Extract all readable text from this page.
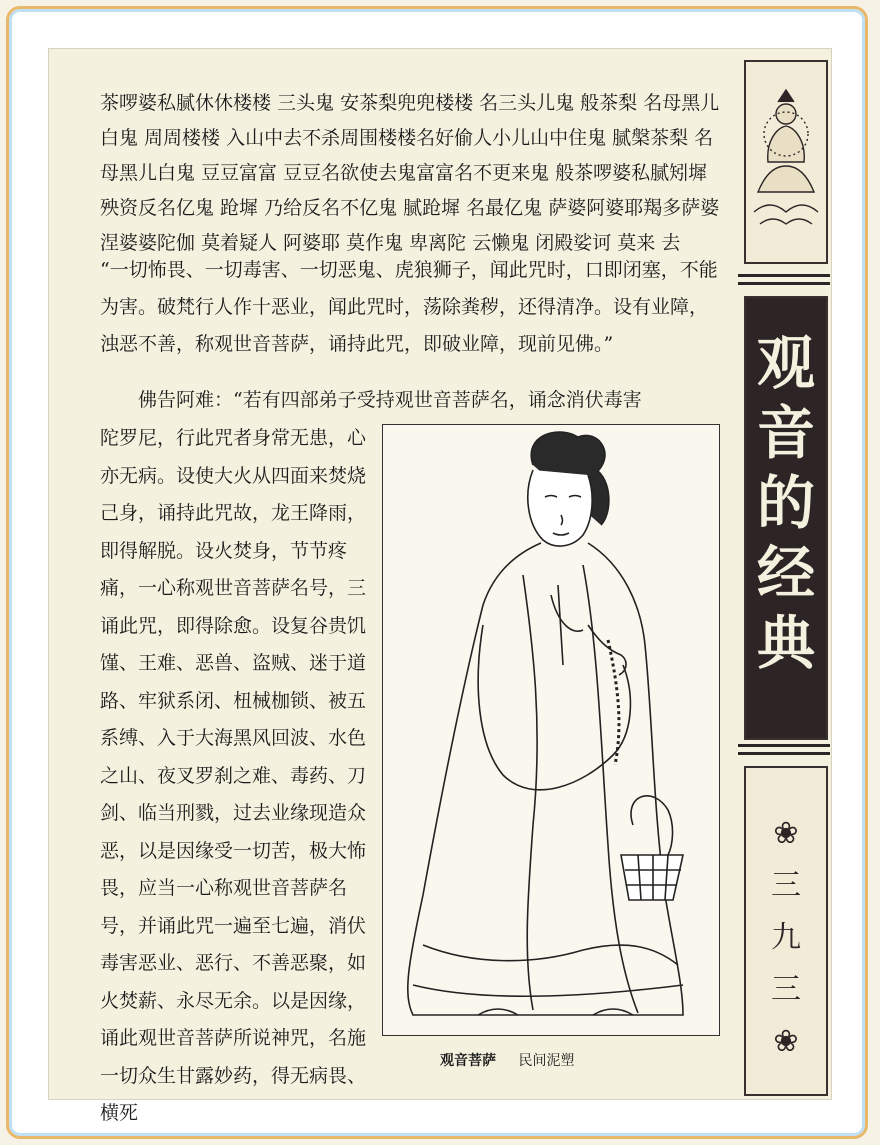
茶啰婆私腻休休楼楼 三头鬼 安茶梨兜兜楼楼 名三头儿鬼 般茶梨 名母黑儿白鬼 周周楼楼 入山中去不杀周围楼楼名好偷人小儿山中住鬼 腻槃茶梨 名母黑儿白鬼 豆豆富富 豆豆名欲使去鬼富富名不更来鬼 般茶啰婆私腻矧墀 殃资反名亿鬼 跄墀 乃给反名不亿鬼 腻跄墀 名最亿鬼 萨婆阿婆耶羯多萨婆涅婆婆陀伽 莫着疑人 阿婆耶 莫作鬼 卑离陀 云懒鬼 闭殿娑诃 莫来 去
“一切怖畏、一切毒害、一切恶鬼、虎狼狮子，闻此咒时，口即闭塞，不能为害。破梵行人作十恶业，闻此咒时，荡除粪秽，还得清净。设有业障，浊恶不善，称观世音菩萨，诵持此咒，即破业障，现前见佛。”
佛告阿难：“若有四部弟子受持观世音菩萨名，诵念消伏毒害
陀罗尼，行此咒者身常无患，心亦无病。设使大火从四面来焚烧己身，诵持此咒故，龙王降雨，即得解脱。设火焚身，节节疼痛，一心称观世音菩萨名号，三诵此咒，即得除愈。设复谷贵饥馑、王难、恶兽、盗贼、迷于道路、牢狱系闭、杻械枷锁、被五系缚、入于大海黑风回波、水色之山、夜叉罗刹之难、毒药、刀剑、临当刑戮，过去业缘现造众恶，以是因缘受一切苦，极大怖畏，应当一心称观世音菩萨名号，并诵此咒一遍至七遍，消伏毒害恶业、恶行、不善恶聚，如火焚薪、永尽无余。以是因缘，诵此观世音菩萨所说神咒，名施一切众生甘露妙药，得无病畏、横死
观音菩萨 民间泥塑
观
音
的
经
典
❀
三
九
三
❀
